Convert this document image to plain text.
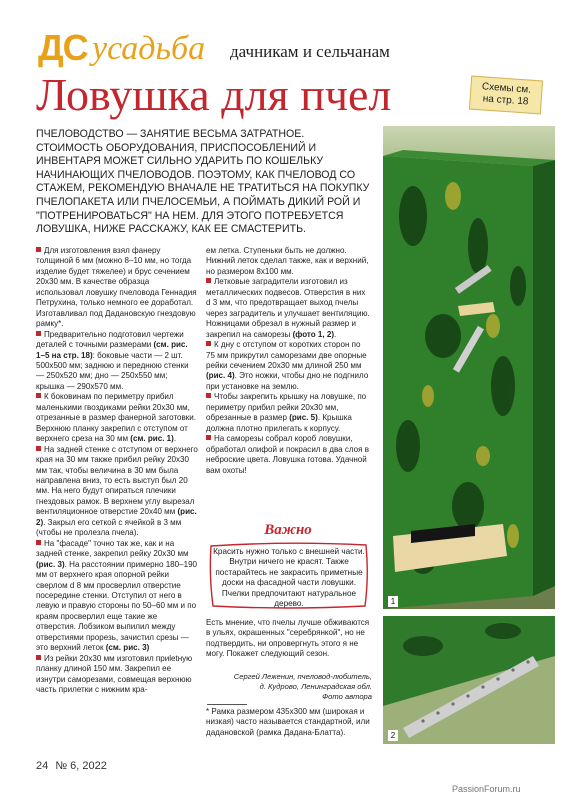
ДС усадьба дачникам и сельчанам
Ловушка для пчел	Схемы см.
на стр. 18
ПЧЕЛОВОДСТВО — ЗАНЯТИЕ ВЕСЬМА ЗАТРАТНОЕ. СТОИМОСТЬ ОБОРУДОВАНИЯ, ПРИСПОСОБЛЕНИЙ И ИНВЕНТАРЯ МОЖЕТ СИЛЬНО УДАРИТЬ ПО КОШЕЛЬКУ НАЧИНАЮЩИХ ПЧЕЛОВОДОВ. ПОЭТОМУ, КАК ПЧЕЛОВОД СО СТАЖЕМ, РЕКОМЕНДУЮ ВНАЧАЛЕ НЕ ТРАТИТЬСЯ НА ПОКУПКУ ПЧЕЛОПАКЕТА ИЛИ ПЧЕЛОСЕМЬИ, А ПОЙМАТЬ ДИКИЙ РОЙ И "ПОТРЕНИРОВАТЬСЯ" НА НЕМ. ДЛЯ ЭТОГО ПОТРЕБУЕТСЯ ЛОВУШКА, НИЖЕ РАССКАЖУ, КАК ЕЕ СМАСТЕРИТЬ.

Для изготовления взял фанеру толщиной 6 мм (можно 8–10 мм, но тогда изделие будет тяжелее) и брус сечением 20х30 мм. В качестве образца использовал ловушку пчеловода Геннадия Петрухина, только немного ее доработал. Изготавливал под Дадановскую гнездовую рамку*.

Предварительно подготовил чертежи деталей с точными размерами (см. рис. 1–5 на стр. 18): боковые части — 2 шт. 500х500 мм; заднюю и переднюю стенки — 250х520 мм; дно — 250х550 мм; крышка — 290х570 мм.

К боковинам по периметру прибил маленькими гвоздиками рейки 20х30 мм, отрезанные в размер фанерной заготовки. Верхнюю планку закрепил с отступом от верхнего среза на 30 мм (см. рис. 1).

На задней стенке с отступом от верхнего края на 30 мм также прибил рейку 20х30 мм так, чтобы величина в 30 мм была направлена вниз, то есть выступ был 20 мм. На него будут опираться плечики гнездовых рамок. В верхнем углу вырезал вентиляционное отверстие 20х40 мм (рис. 2). Закрыл его сеткой с ячейкой в 3 мм (чтобы не пролезла пчела).

На "фасаде" точно так же, как и на задней стенке, закрепил рейку 20х30 мм (рис. 3). На расстоянии примерно 180–190 мм от верхнего края опорной рейки сверлом d 8 мм просверлил отверстие посередине стенки. Отступил от него в левую и правую стороны по 50–60 мм и по краям просверлил еще такие же отверстия. Лобзиком выпилил между отверстиями прорезь, зачистил срезы — это верхний леток (см. рис. 3)

Из рейки 20х30 мм изготовил приletную планку длиной 150 мм. Закрепил ее изнутри саморезами, совмещая верхнюю часть прилетки с нижним кра-

ем летка. Ступеньки быть не должно. Нижний леток сделал также, как и верхний, но размером 8х100 мм.

Летковые заградители изготовил из металлических подвесов. Отверстия в них d 3 мм, что предотвращает выход пчелы через заградитель и улучшает вентиляцию. Ножницами обрезал в нужный размер и закрепил на саморезы (фото 1, 2).

К дну с отступом от коротких сторон по 75 мм прикрутил саморезами две опорные рейки сечением 20х30 мм длиной 250 мм (рис. 4). Это ножки, чтобы дно не подгнило при установке на землю.

Чтобы закрепить крышку на ловушке, по периметру прибил рейки 20х30 мм, обрезанные в размер (рис. 5). Крышка должна плотно прилегать к корпусу.

На саморезы собрал короб ловушки, обработал олифой и покрасил в два слоя в неброские цвета. Ловушка готова. Удачной вам охоты!

Важно
Красить нужно только с внешней части. Внутри ничего не красят. Также постарайтесь не закрасить приметные доски на фасадной части ловушки. Пчелки предпочитают натуральное дерево.

Есть мнение, что пчелы лучше обживаются в ульях, окрашенных "серебрянкой", но не подтвердить, ни опровергнуть этого я не могу. Покажет следующий сезон.

Сергей Леженин, пчеловод-любитель,
д. Кудрово, Ленинградская обл.
Фото автора
* Рамка размером 435х300 мм (широкая и низкая) часто называется стандартной, или дадановской (рамка Дадана-Блатта).
1
2
24 № 6, 2022
PassionForum.ru
